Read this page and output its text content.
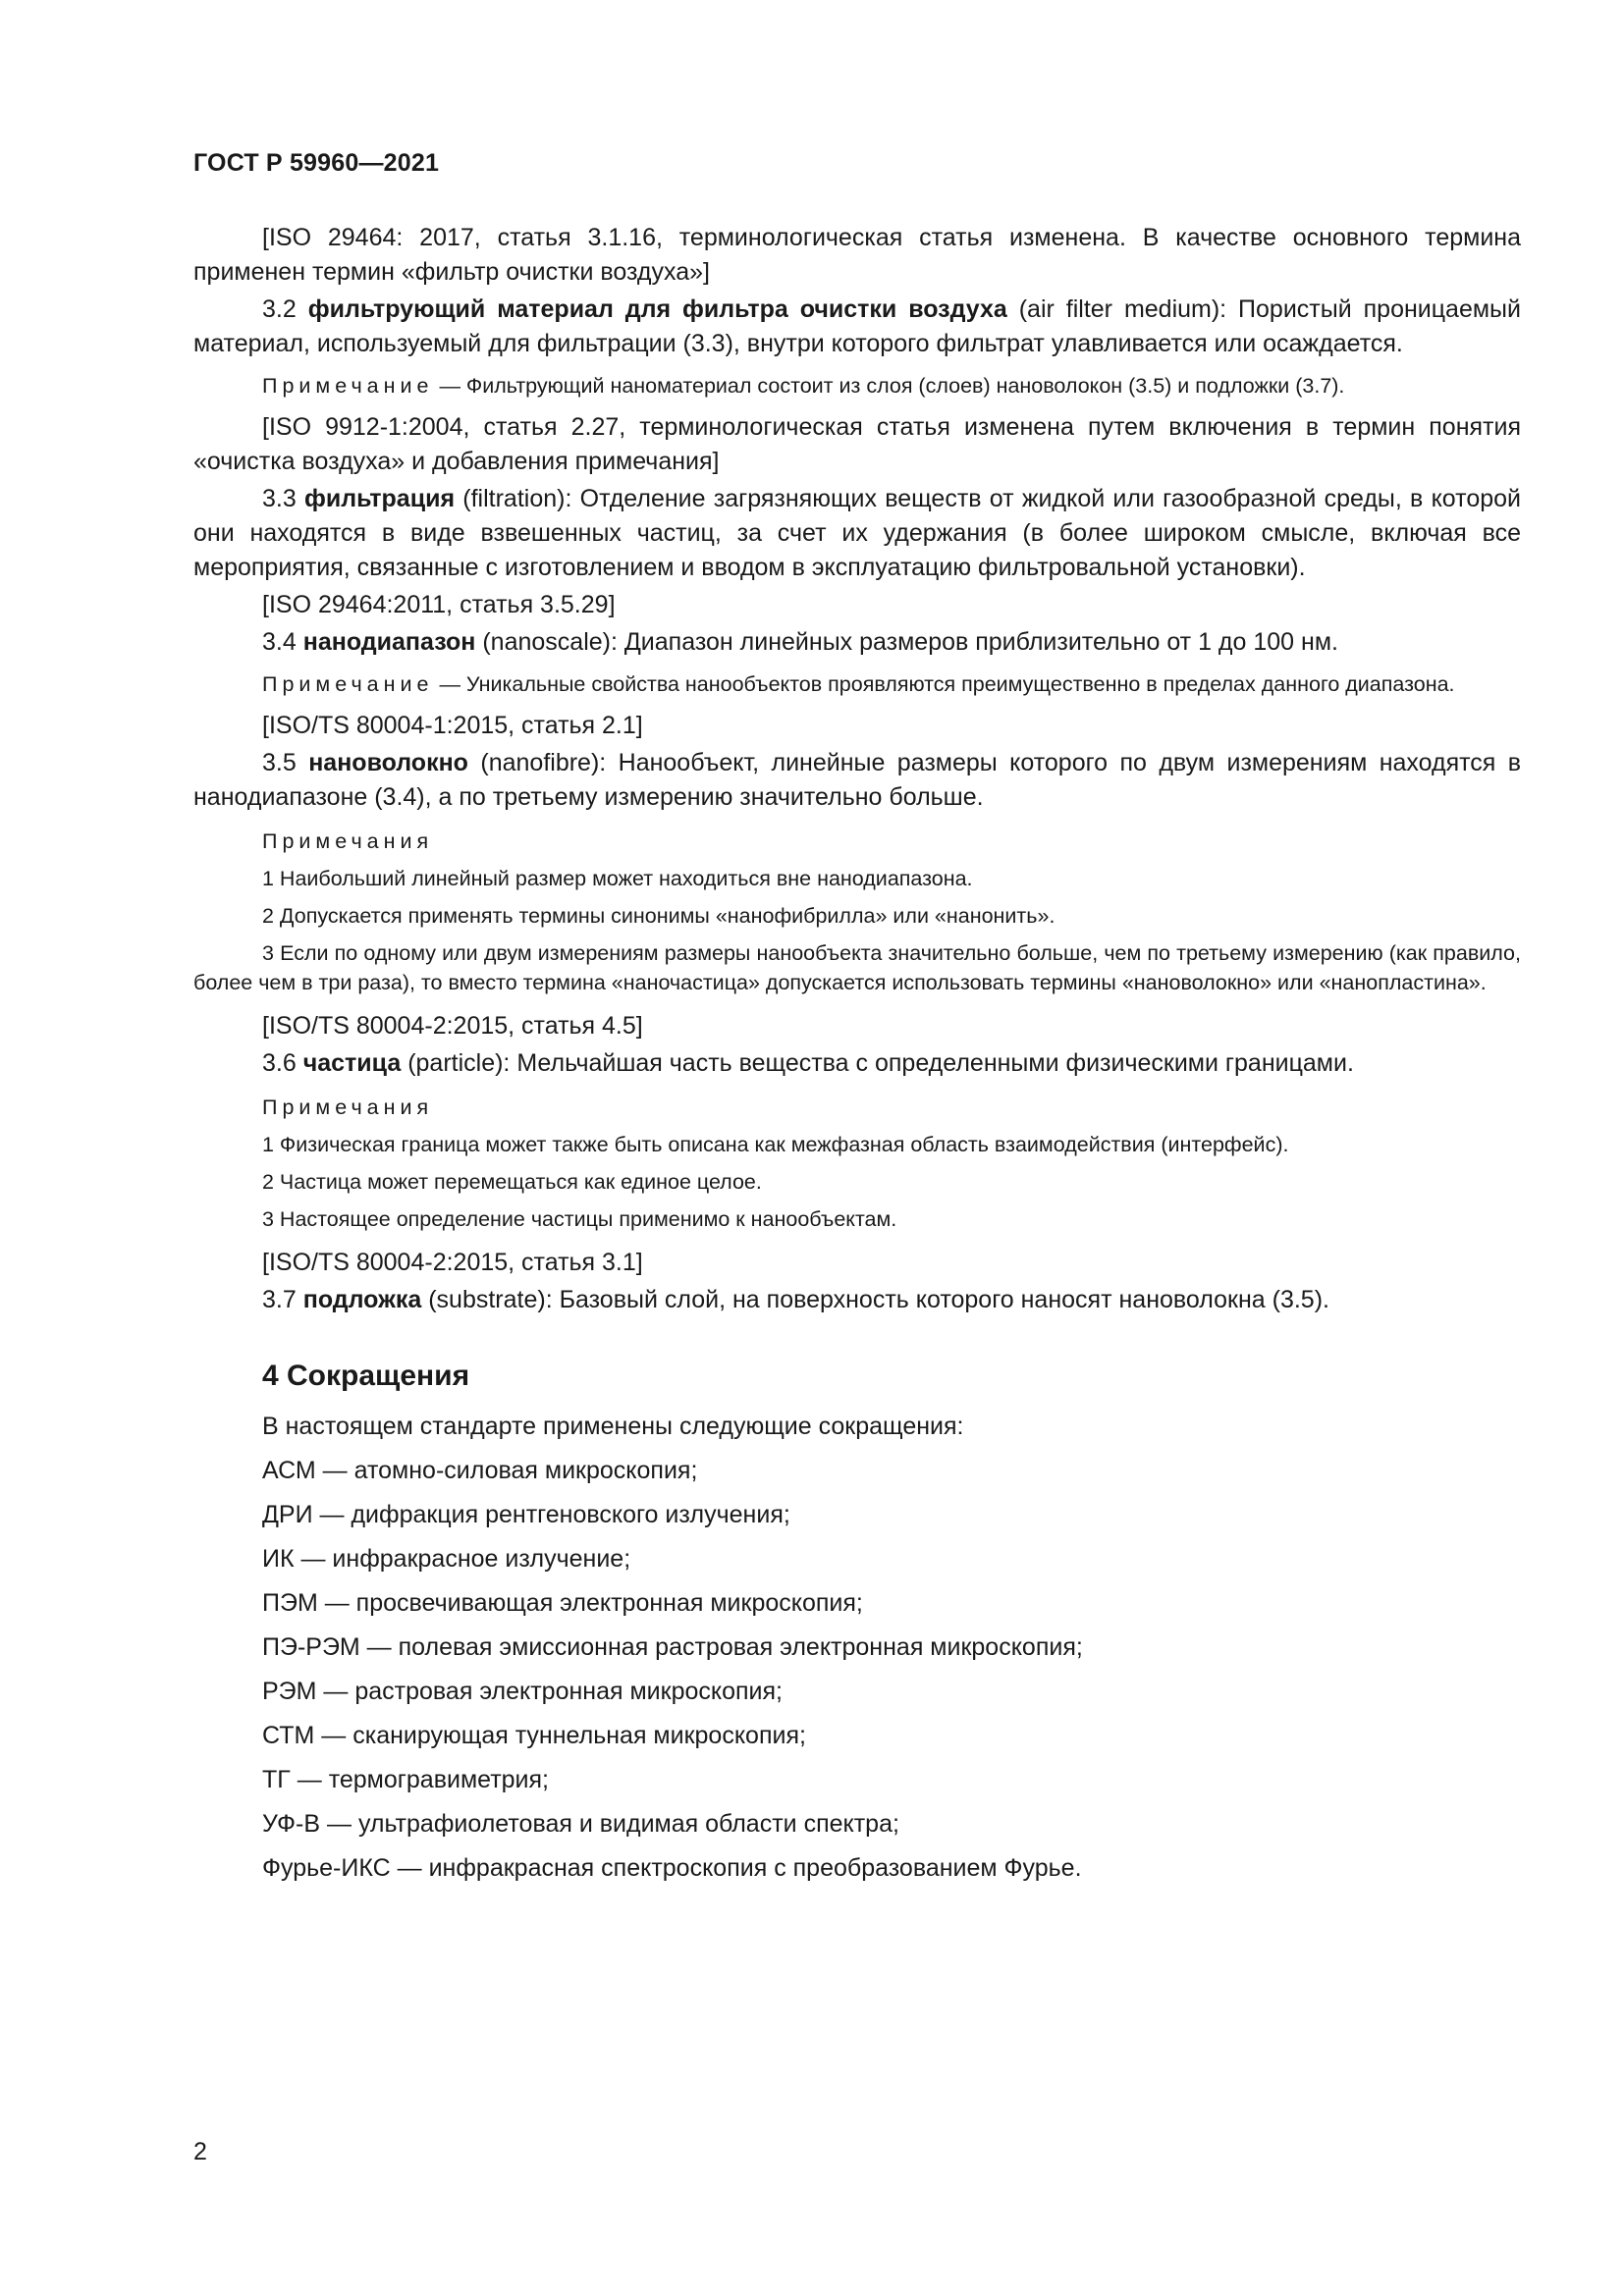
ГОСТ Р 59960—2021

[ISO 29464: 2017, статья 3.1.16, терминологическая статья изменена. В качестве основного термина применен термин «фильтр очистки воздуха»]

3.2 фильтрующий материал для фильтра очистки воздуха (air filter medium): Пористый проницаемый материал, используемый для фильтрации (3.3), внутри которого фильтрат улавливается или осаждается.

Примечание — Фильтрующий наноматериал состоит из слоя (слоев) нановолокон (3.5) и подложки (3.7).

[ISO 9912-1:2004, статья 2.27, терминологическая статья изменена путем включения в термин понятия «очистка воздуха» и добавления примечания]

3.3 фильтрация (filtration): Отделение загрязняющих веществ от жидкой или газообразной среды, в которой они находятся в виде взвешенных частиц, за счет их удержания (в более широком смысле, включая все мероприятия, связанные с изготовлением и вводом в эксплуатацию фильтровальной установки).

[ISO 29464:2011, статья 3.5.29]

3.4 нанодиапазон (nanoscale): Диапазон линейных размеров приблизительно от 1 до 100 нм.

Примечание — Уникальные свойства нанообъектов проявляются преимущественно в пределах данного диапазона.

[ISO/TS 80004-1:2015, статья 2.1]

3.5 нановолокно (nanofibre): Нанообъект, линейные размеры которого по двум измерениям находятся в нанодиапазоне (3.4), а по третьему измерению значительно больше.

Примечания

1 Наибольший линейный размер может находиться вне нанодиапазона.

2 Допускается применять термины синонимы «нанофибрилла» или «нанонить».

3 Если по одному или двум измерениям размеры нанообъекта значительно больше, чем по третьему измерению (как правило, более чем в три раза), то вместо термина «наночастица» допускается использовать термины «нановолокно» или «нанопластина».

[ISO/TS 80004-2:2015, статья 4.5]

3.6 частица (particle): Мельчайшая часть вещества с определенными физическими границами.

Примечания

1 Физическая граница может также быть описана как межфазная область взаимодействия (интерфейс).

2 Частица может перемещаться как единое целое.

3 Настоящее определение частицы применимо к нанообъектам.

[ISO/TS 80004-2:2015, статья 3.1]

3.7 подложка (substrate): Базовый слой, на поверхность которого наносят нановолокна (3.5).

4 Сокращения

В настоящем стандарте применены следующие сокращения:

АСМ — атомно-силовая микроскопия;

ДРИ — дифракция рентгеновского излучения;

ИК — инфракрасное излучение;

ПЭМ — просвечивающая электронная микроскопия;

ПЭ-РЭМ — полевая эмиссионная растровая электронная микроскопия;

РЭМ — растровая электронная микроскопия;

СТМ — сканирующая туннельная микроскопия;

ТГ — термогравиметрия;

УФ-В — ультрафиолетовая и видимая области спектра;

Фурье-ИКС — инфракрасная спектроскопия с преобразованием Фурье.

2
